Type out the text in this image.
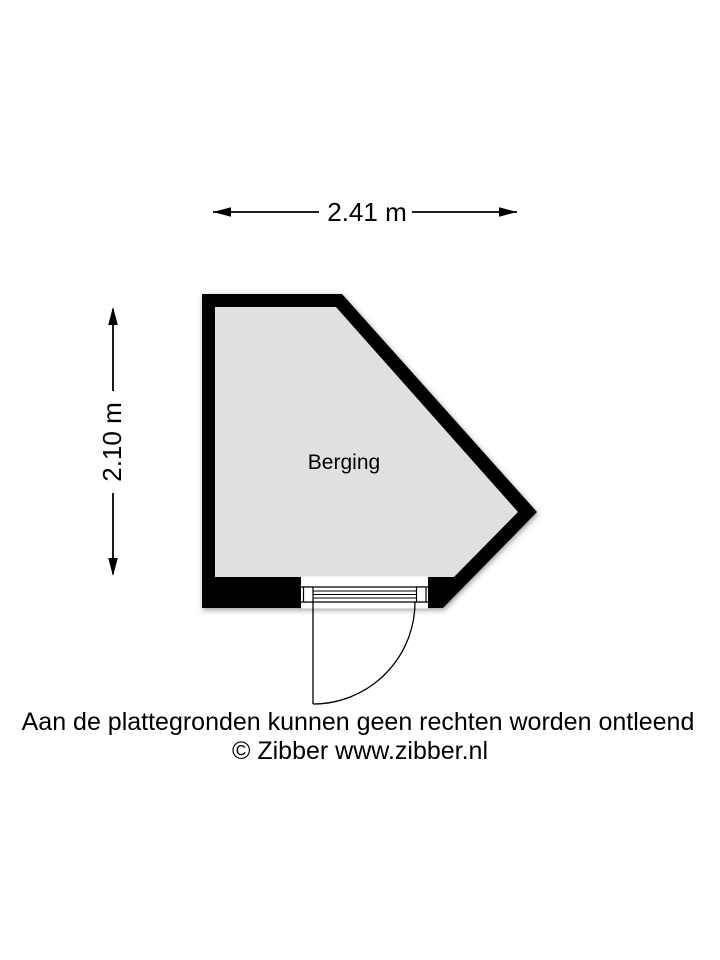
2.41 m
2.10 m	Berging
Aan de plattegronden kunnen geen rechten worden ontleend
© Zibber www.zibber.nl
